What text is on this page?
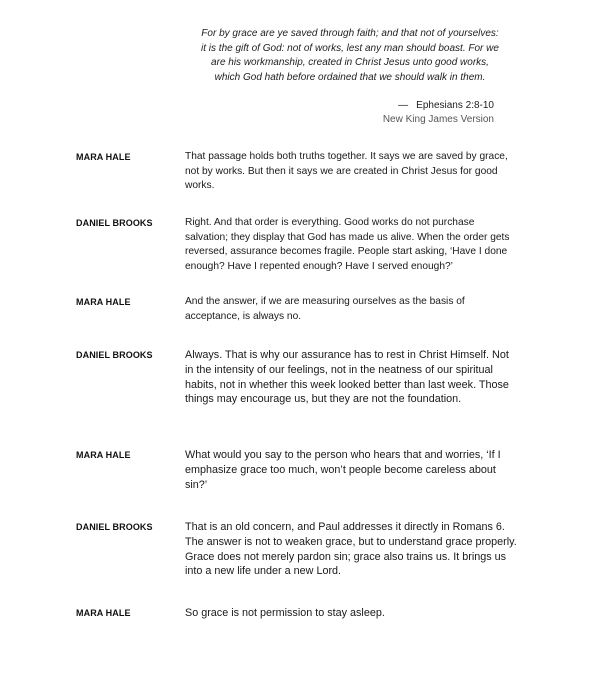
For by grace are ye saved through faith; and that not of yourselves: it is the gift of God: not of works, lest any man should boast. For we are his workmanship, created in Christ Jesus unto good works, which God hath before ordained that we should walk in them.

— Ephesians 2:8-10
New King James Version
MARA HALE	That passage holds both truths together. It says we are saved by grace, not by works. But then it says we are created in Christ Jesus for good works.

DANIEL BROOKS	Right. And that order is everything. Good works do not purchase salvation; they display that God has made us alive. When the order gets reversed, assurance becomes fragile. People start asking, ‘Have I done enough? Have I repented enough? Have I served enough?’

MARA HALE	And the answer, if we are measuring ourselves as the basis of acceptance, is always no.

DANIEL BROOKS	Always. That is why our assurance has to rest in Christ Himself. Not in the intensity of our feelings, not in the neatness of our spiritual habits, not in whether this week looked better than last week. Those things may encourage us, but they are not the foundation.

MARA HALE	What would you say to the person who hears that and worries, ‘If I emphasize grace too much, won’t people become careless about sin?’

DANIEL BROOKS	That is an old concern, and Paul addresses it directly in Romans 6. The answer is not to weaken grace, but to understand grace properly. Grace does not merely pardon sin; grace also trains us. It brings us into a new life under a new Lord.

MARA HALE	So grace is not permission to stay asleep.
